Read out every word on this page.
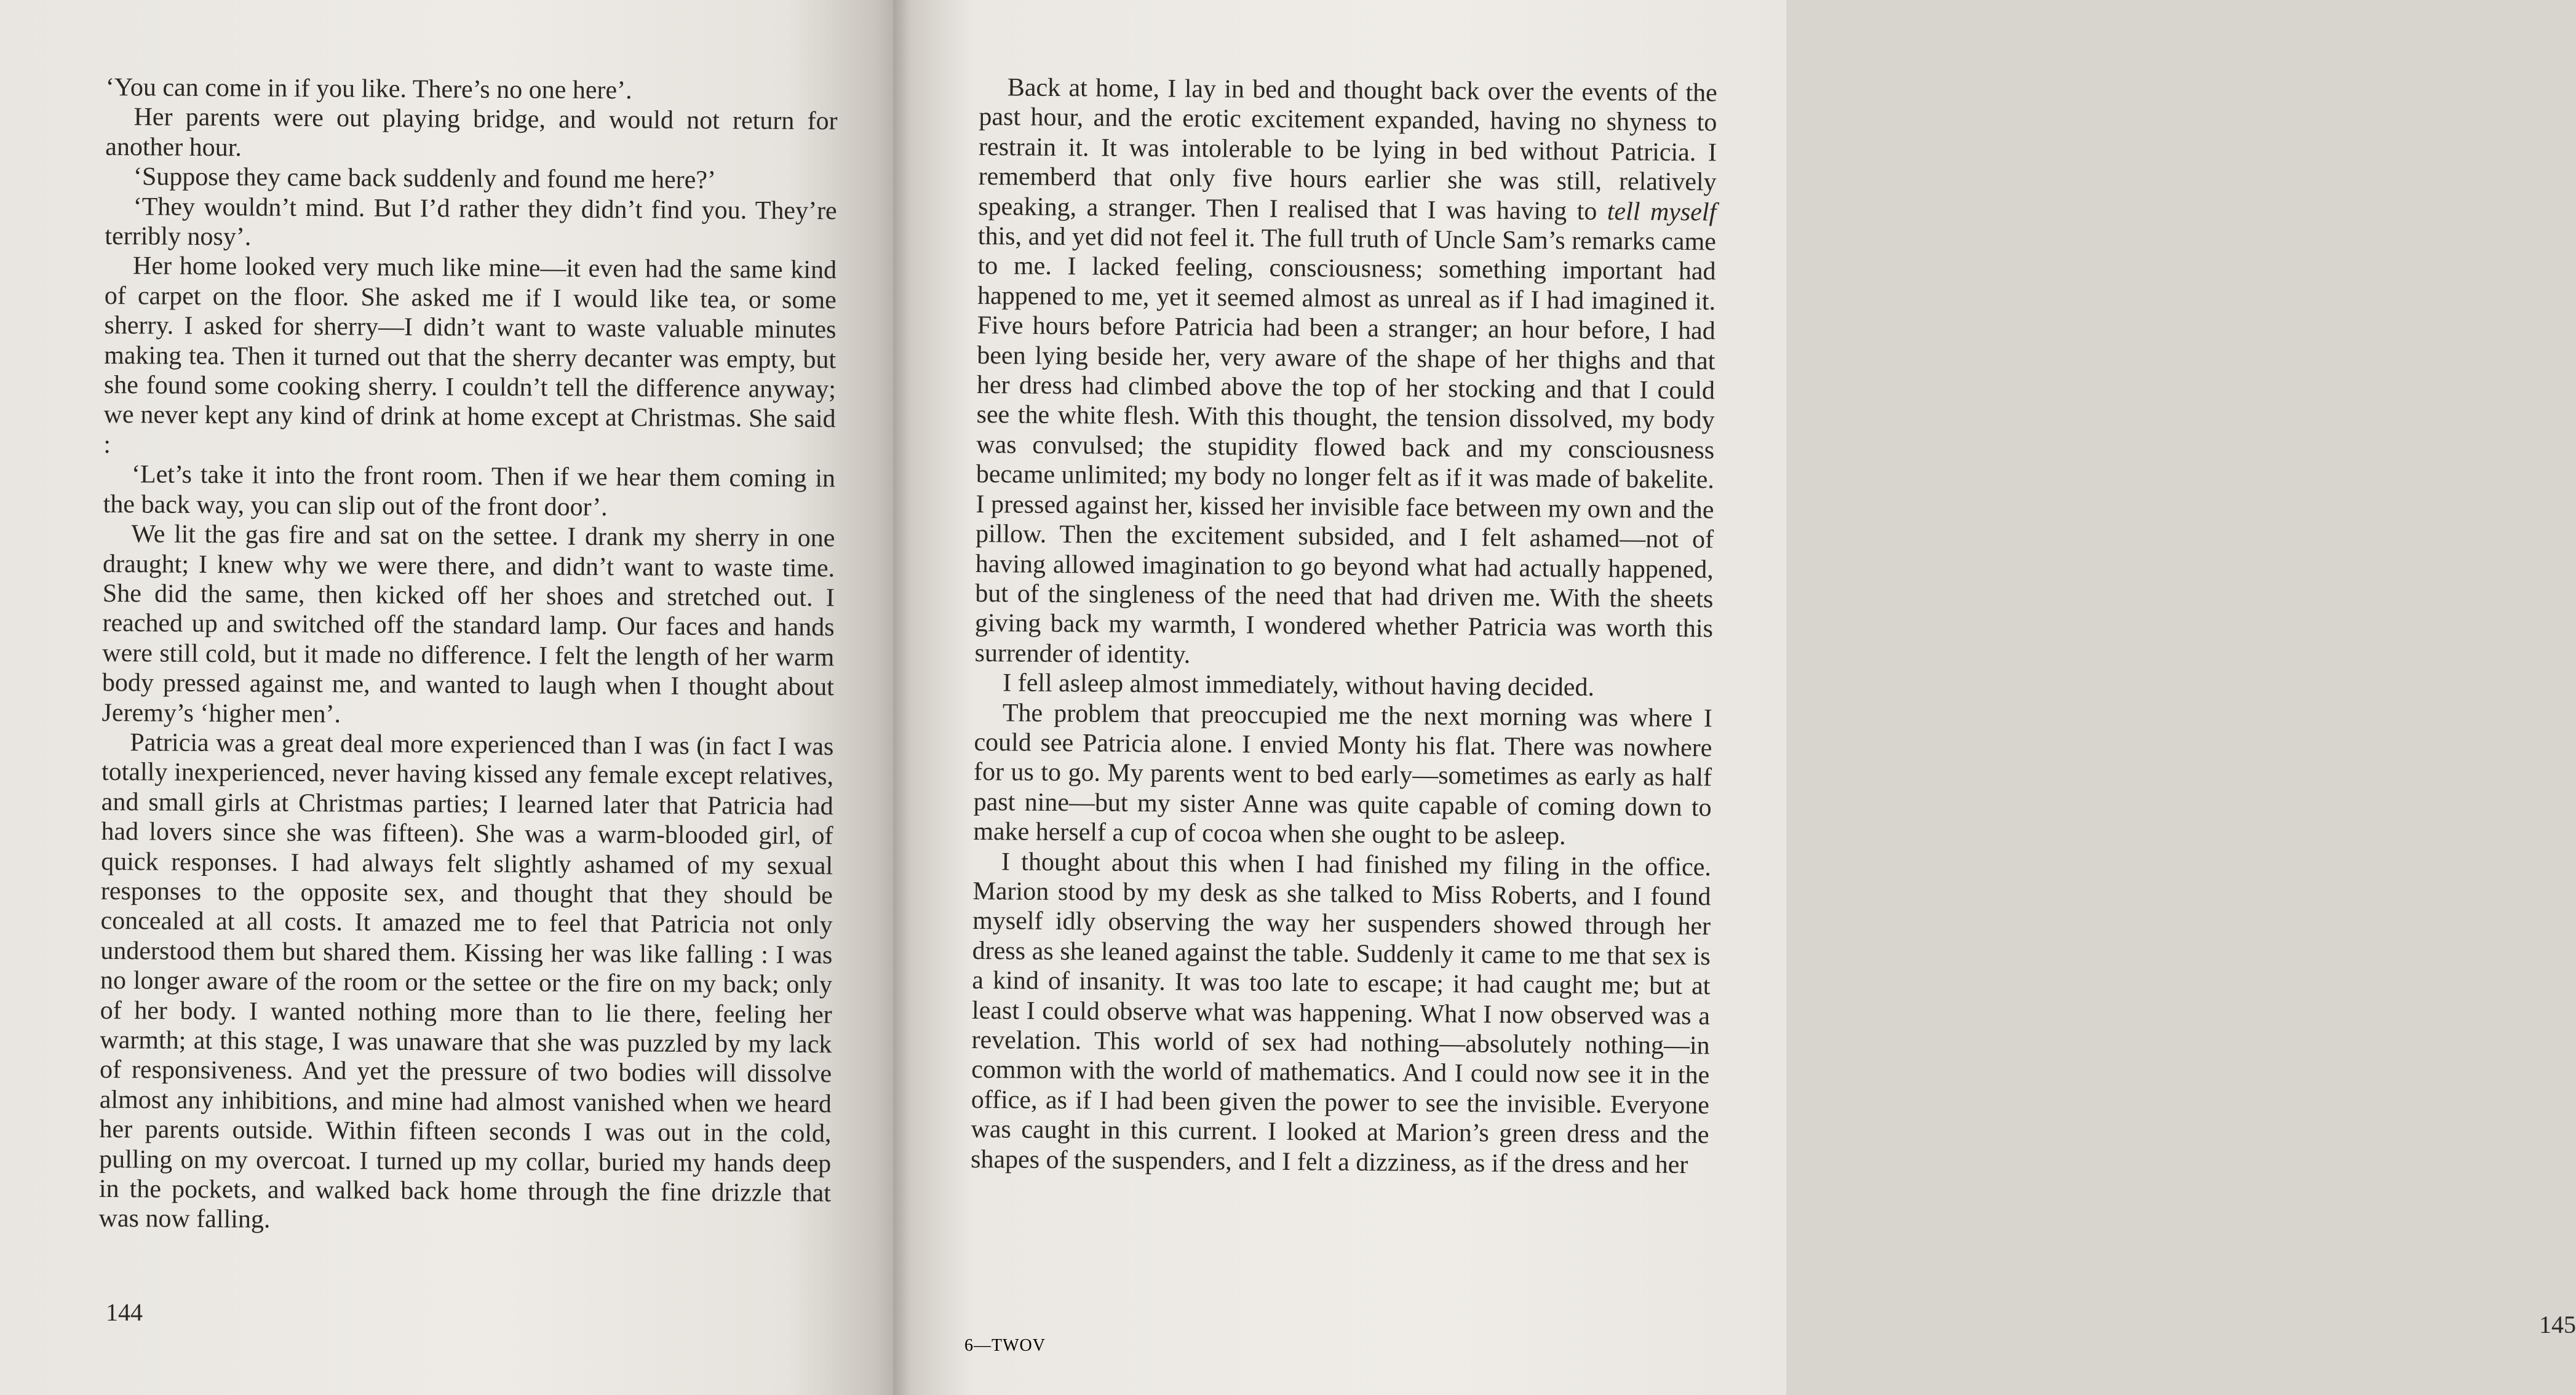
‘You can come in if you like. There’s no one here’.

Her parents were out playing bridge, and would not return for another hour.

‘Suppose they came back suddenly and found me here?’

‘They wouldn’t mind. But I’d rather they didn’t find you. They’re terribly nosy’.

Her home looked very much like mine—it even had the same kind of carpet on the floor. She asked me if I would like tea, or some sherry. I asked for sherry—I didn’t want to waste valuable minutes making tea. Then it turned out that the sherry decanter was empty, but she found some cooking sherry. I couldn’t tell the difference anyway; we never kept any kind of drink at home except at Christmas. She said :

‘Let’s take it into the front room. Then if we hear them coming in the back way, you can slip out of the front door’.

We lit the gas fire and sat on the settee. I drank my sherry in one draught; I knew why we were there, and didn’t want to waste time. She did the same, then kicked off her shoes and stretched out. I reached up and switched off the standard lamp. Our faces and hands were still cold, but it made no difference. I felt the length of her warm body pressed against me, and wanted to laugh when I thought about Jeremy’s ‘higher men’.

Patricia was a great deal more experienced than I was (in fact I was totally inexperienced, never having kissed any female except relatives, and small girls at Christmas parties; I learned later that Patricia had had lovers since she was fifteen). She was a warm-blooded girl, of quick responses. I had always felt slightly ashamed of my sexual responses to the opposite sex, and thought that they should be concealed at all costs. It amazed me to feel that Patricia not only understood them but shared them. Kissing her was like falling : I was no longer aware of the room or the settee or the fire on my back; only of her body. I wanted nothing more than to lie there, feeling her warmth; at this stage, I was unaware that she was puzzled by my lack of responsiveness. And yet the pressure of two bodies will dissolve almost any inhibitions, and mine had almost vanished when we heard her parents outside. Within fifteen seconds I was out in the cold, pulling on my overcoat. I turned up my collar, buried my hands deep in the pockets, and walked back home through the fine drizzle that was now falling.

144

Back at home, I lay in bed and thought back over the events of the past hour, and the erotic excitement expanded, having no shyness to restrain it. It was intolerable to be lying in bed without Patricia. I rememberd that only five hours earlier she was still, relatively speaking, a stranger. Then I realised that I was having to tell myself this, and yet did not feel it. The full truth of Uncle Sam’s remarks came to me. I lacked feeling, consciousness; something important had happened to me, yet it seemed almost as unreal as if I had imagined it. Five hours before Patricia had been a stranger; an hour before, I had been lying beside her, very aware of the shape of her thighs and that her dress had climbed above the top of her stocking and that I could see the white flesh. With this thought, the tension dissolved, my body was convulsed; the stupidity flowed back and my consciousness became unlimited; my body no longer felt as if it was made of bakelite. I pressed against her, kissed her invisible face between my own and the pillow. Then the excitement subsided, and I felt ashamed—not of having allowed imagination to go beyond what had actually happened, but of the singleness of the need that had driven me. With the sheets giving back my warmth, I wondered whether Patricia was worth this surrender of identity.

I fell asleep almost immediately, without having decided.

The problem that preoccupied me the next morning was where I could see Patricia alone. I envied Monty his flat. There was nowhere for us to go. My parents went to bed early—sometimes as early as half past nine—but my sister Anne was quite capable of coming down to make herself a cup of cocoa when she ought to be asleep.

I thought about this when I had finished my filing in the office. Marion stood by my desk as she talked to Miss Roberts, and I found myself idly observing the way her suspenders showed through her dress as she leaned against the table. Suddenly it came to me that sex is a kind of insanity. It was too late to escape; it had caught me; but at least I could observe what was happening. What I now observed was a revelation. This world of sex had nothing—absolutely nothing—in common with the world of mathematics. And I could now see it in the office, as if I had been given the power to see the invisible. Everyone was caught in this current. I looked at Marion’s green dress and the shapes of the suspenders, and I felt a dizziness, as if the dress and her

145
6—TWOV
